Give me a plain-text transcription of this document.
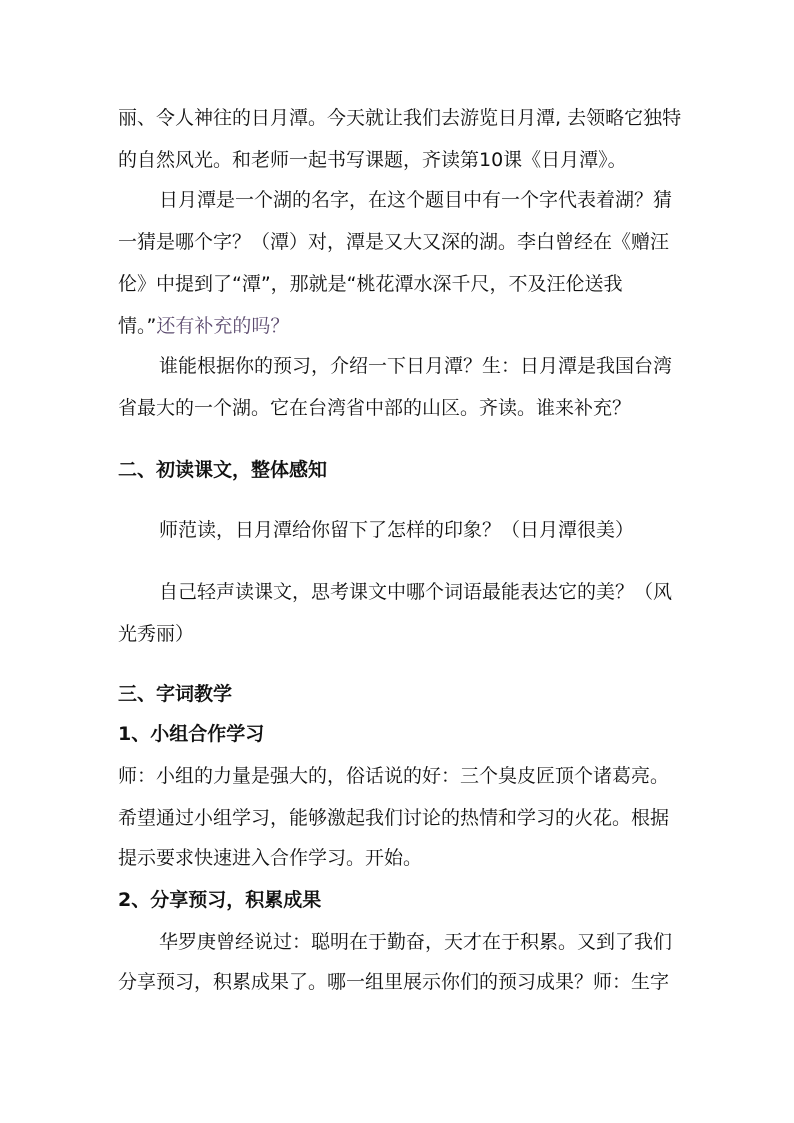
丽、令人神往的日月潭。今天就让我们去游览日月潭, 去领略它独特
的自然风光。和老师一起书写课题，齐读第10课《日月潭》。
日月潭是一个湖的名字，在这个题目中有一个字代表着湖？猜
一猜是哪个字？（潭）对，潭是又大又深的湖。李白曾经在《赠汪
伦》中提到了“潭”，那就是“桃花潭水深千尺，不及汪伦送我
情。”还有补充的吗？
谁能根据你的预习，介绍一下日月潭？生：日月潭是我国台湾
省最大的一个湖。它在台湾省中部的山区。齐读。谁来补充？
二、初读课文，整体感知
师范读，日月潭给你留下了怎样的印象？（日月潭很美）
自己轻声读课文，思考课文中哪个词语最能表达它的美？（风
光秀丽）
三、字词教学
1、小组合作学习
师：小组的力量是强大的，俗话说的好：三个臭皮匠顶个诸葛亮。
希望通过小组学习，能够激起我们讨论的热情和学习的火花。根据
提示要求快速进入合作学习。开始。
2、分享预习，积累成果
华罗庚曾经说过：聪明在于勤奋，天才在于积累。又到了我们
分享预习，积累成果了。哪一组里展示你们的预习成果？师：生字
